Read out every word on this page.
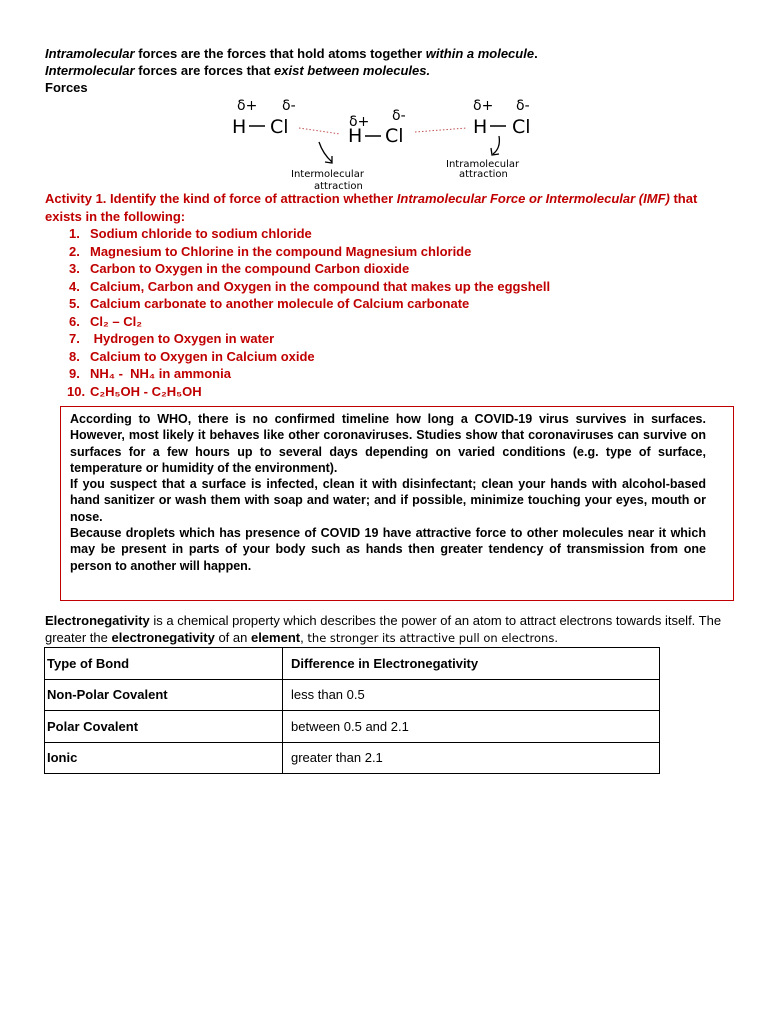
Intramolecular forces are the forces that hold atoms together within a molecule.
Intermolecular forces are forces that exist between molecules.
Forces
δ+ δ-
H Cl	δ+ δ-
H Cl
δ+ δ-
H Cl
Intermolecular
attraction
Intramolecular
attraction
Activity 1. Identify the kind of force of attraction whether Intramolecular Force or Intermolecular (IMF) that exists in the following:
1. Sodium chloride to sodium chloride
2. Magnesium to Chlorine in the compound Magnesium chloride
3. Carbon to Oxygen in the compound Carbon dioxide
4. Calcium, Carbon and Oxygen in the compound that makes up the eggshell
5. Calcium carbonate to another molecule of Calcium carbonate
6. Cl₂ – Cl₂
7. Hydrogen to Oxygen in water
8. Calcium to Oxygen in Calcium oxide
9. NH₄ -  NH₄ in ammonia
10. C₂H₅OH - C₂H₅OH

According to WHO, there is no confirmed timeline how long a COVID-19 virus survives in surfaces. However, most likely it behaves like other coronaviruses. Studies show that coronaviruses can survive on surfaces for a few hours up to several days depending on varied conditions (e.g. type of surface, temperature or humidity of the environment).

If you suspect that a surface is infected, clean it with disinfectant; clean your hands with alcohol-based hand sanitizer or wash them with soap and water; and if possible, minimize touching your eyes, mouth or nose.

Because droplets which has presence of COVID 19 have attractive force to other molecules near it which may be present in parts of your body such as hands then greater tendency of transmission from one person to another will happen.

Electronegativity is a chemical property which describes the power of an atom to attract electrons towards itself. The greater the electronegativity of an element, the stronger its attractive pull on electrons.
Type of Bond	Difference in Electronegativity
Non-Polar Covalent	less than 0.5
Polar Covalent	between 0.5 and 2.1
Ionic	greater than 2.1
